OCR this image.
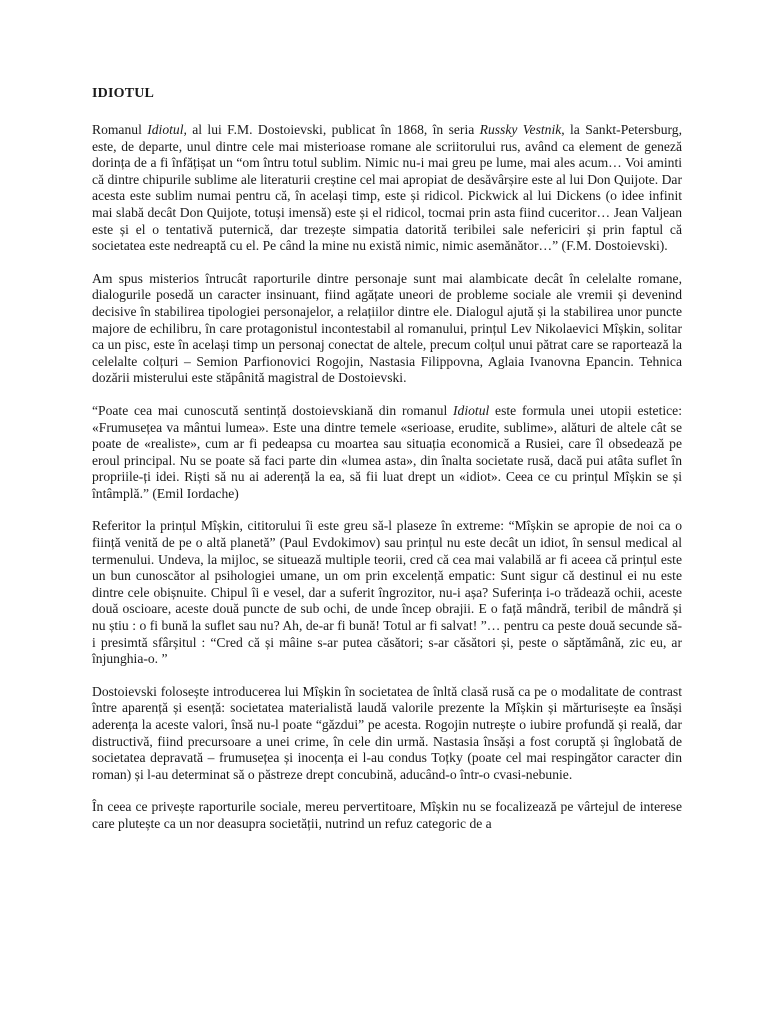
IDIOTUL

Romanul Idiotul, al lui F.M. Dostoievski, publicat în 1868, în seria Russky Vestnik, la Sankt-Petersburg, este, de departe, unul dintre cele mai misterioase romane ale scriitorului rus, având ca element de geneză dorința de a fi înfățișat un “om întru totul sublim. Nimic nu-i mai greu pe lume, mai ales acum… Voi aminti că dintre chipurile sublime ale literaturii creștine cel mai apropiat de desăvârșire este al lui Don Quijote. Dar acesta este sublim numai pentru că, în același timp, este și ridicol. Pickwick al lui Dickens (o idee infinit mai slabă decât Don Quijote, totuși imensă) este și el ridicol, tocmai prin asta fiind cuceritor… Jean Valjean este și el o tentativă puternică, dar trezește simpatia datorită teribilei sale nefericiri și prin faptul că societatea este nedreaptă cu el. Pe când la mine nu există nimic, nimic asemănător…” (F.M. Dostoievski).

Am spus misterios întrucât raporturile dintre personaje sunt mai alambicate decât în celelalte romane, dialogurile posedă un caracter insinuant, fiind agățate uneori de probleme sociale ale vremii și devenind decisive în stabilirea tipologiei personajelor, a relațiilor dintre ele. Dialogul ajută și la stabilirea unor puncte majore de echilibru, în care protagonistul incontestabil al romanului, prințul Lev Nikolaevici Mîșkin, solitar ca un pisc, este în același timp un personaj conectat de altele, precum colțul unui pătrat care se raportează la celelalte colțuri – Semion Parfionovici Rogojin, Nastasia Filippovna, Aglaia Ivanovna Epancin. Tehnica dozării misterului este stăpânită magistral de Dostoievski.

“Poate cea mai cunoscută sentință dostoievskiană din romanul Idiotul este formula unei utopii estetice: «Frumusețea va mântui lumea». Este una dintre temele «serioase, erudite, sublime», alături de altele cât se poate de «realiste», cum ar fi pedeapsa cu moartea sau situația economică a Rusiei, care îl obsedează pe eroul principal. Nu se poate să faci parte din «lumea asta», din înalta societate rusă, dacă pui atâta suflet în propriile-ți idei. Riști să nu ai aderență la ea, să fii luat drept un «idiot». Ceea ce cu prințul Mîșkin se și întâmplă.” (Emil Iordache)

Referitor la prințul Mîșkin, cititorului îi este greu să-l plaseze în extreme: “Mîșkin se apropie de noi ca o ființă venită de pe o altă planetă” (Paul Evdokimov) sau prințul nu este decât un idiot, în sensul medical al termenului. Undeva, la mijloc, se situează multiple teorii, cred că cea mai valabilă ar fi aceea că prințul este un bun cunoscător al psihologiei umane, un om prin excelență empatic: Sunt sigur că destinul ei nu este dintre cele obișnuite. Chipul îi e vesel, dar a suferit îngrozitor, nu-i așa? Suferința i-o trădează ochii, aceste două oscioare, aceste două puncte de sub ochi, de unde încep obrajii. E o față mândră, teribil de mândră și nu știu : o fi bună la suflet sau nu? Ah, de-ar fi bună! Totul ar fi salvat! ”… pentru ca peste două secunde să-i presimtă sfârșitul : “Cred că și mâine s-ar putea căsători; s-ar căsători și, peste o săptămână, zic eu, ar înjunghia-o. ”

Dostoievski folosește introducerea lui Mîșkin în societatea de înltă clasă rusă ca pe o modalitate de contrast între aparență și esență: societatea materialistă laudă valorile prezente la Mîșkin și mărturisește ea însăși aderența la aceste valori, însă nu-l poate “găzdui” pe acesta. Rogojin nutrește o iubire profundă și reală, dar distructivă, fiind precursoare a unei crime, în cele din urmă. Nastasia însăși a fost coruptă și înglobată de societatea depravată – frumusețea și inocența ei l-au condus Toțky (poate cel mai respingător caracter din roman) și l-au determinat să o păstreze drept concubină, aducând-o într-o cvasi-nebunie.

În ceea ce privește raporturile sociale, mereu pervertitoare, Mîșkin nu se focalizează pe vârtejul de interese care plutește ca un nor deasupra societății, nutrind un refuz categoric de a
